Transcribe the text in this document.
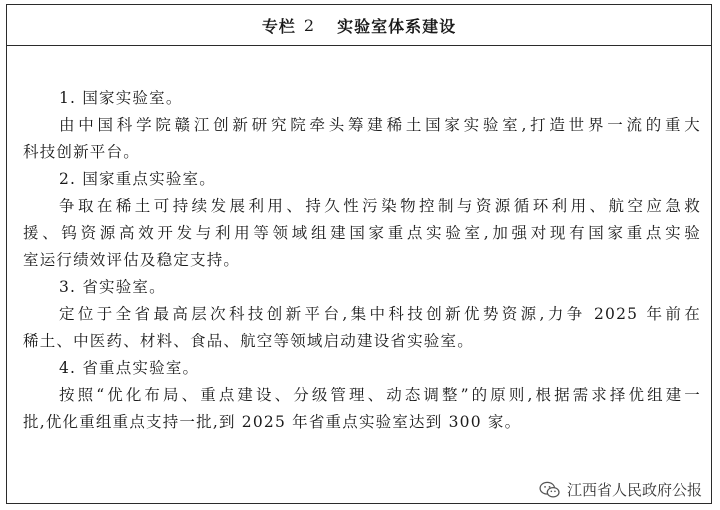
专栏 2 实验室体系建设
1. 国家实验室。
由中国科学院赣江创新研究院牵头筹建稀土国家实验室,打造世界一流的重大
科技创新平台。
2. 国家重点实验室。
争取在稀土可持续发展利用、持久性污染物控制与资源循环利用、航空应急救
援、钨资源高效开发与利用等领域组建国家重点实验室,加强对现有国家重点实验
室运行绩效评估及稳定支持。
3. 省实验室。
定位于全省最高层次科技创新平台,集中科技创新优势资源,力争 2025 年前在
稀土、中医药、材料、食品、航空等领域启动建设省实验室。
4. 省重点实验室。
按照“优化布局、重点建设、分级管理、动态调整”的原则,根据需求择优组建一
批,优化重组重点支持一批,到 2025 年省重点实验室达到 300 家。
江西省人民政府公报
